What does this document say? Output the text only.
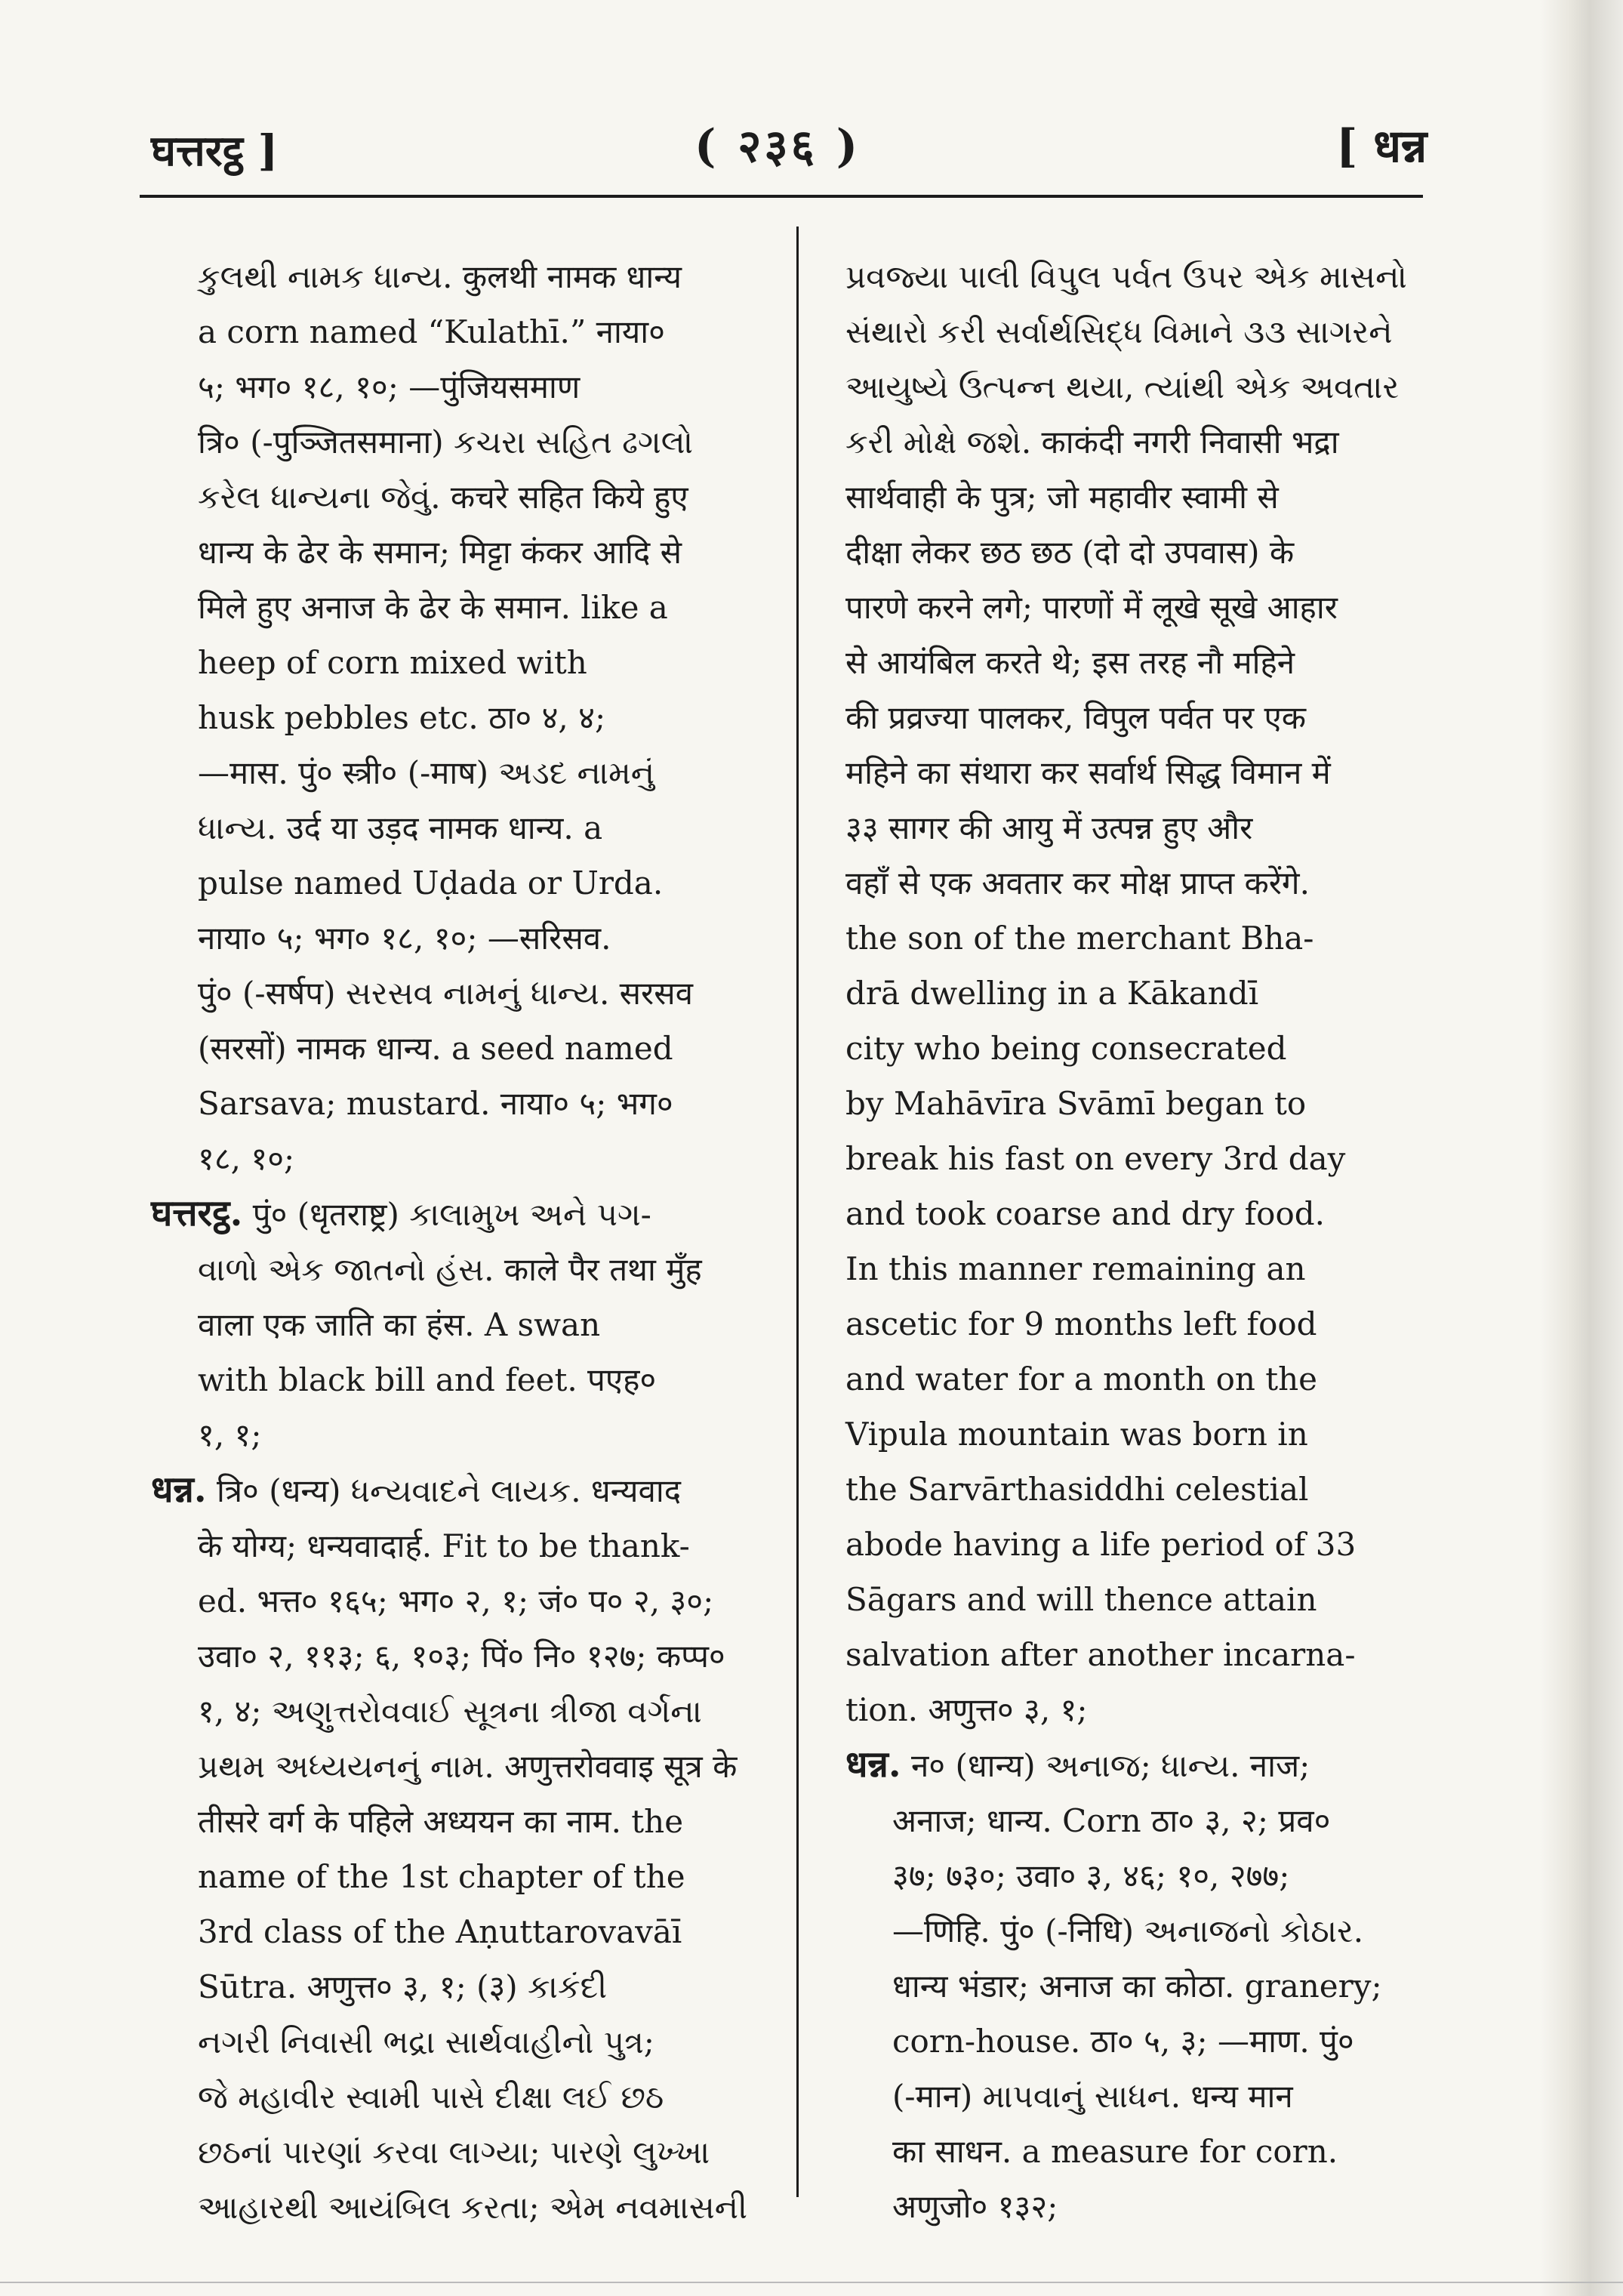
घत्तरट्ठ ]	( २३६ )	[ धन्न
કુલથી નામક ધાન્ય. कुलथी नामक धान्य
a corn named “Kulathī.” नाया०
५; भग० १८, १०; —पुंजियसमाण
त्रि० (-पुञ्जितसमाना) કચરા સહિત ઢગલો
કરેલ ધાન્યના જેવું. कचरे सहित किये हुए
धान्य के ढेर के समान; मिट्टा कंकर आदि से
मिले हुए अनाज के ढेर के समान. like a
heep of corn mixed with
husk pebbles etc. ठा० ४, ४;
—मास. पुं० स्त्री० (-माष) અડદ નામનું
ધાન્ય. उर्द या उड़द नामक धान्य. a
pulse named Uḍada or Urda.
नाया० ५; भग० १८, १०; —सरिसव.
पुं० (-सर्षप) સરસવ નામનું ધાન્ય. सरसव
(सरसों) नामक धान्य. a seed named
Sarsava; mustard. नाया० ५; भग०
१८, १०;
घत्तरट्ठ. पुं० (धृतराष्ट्र) કાલામુખ અને પગ-
વાળો એક જાતનો હંસ. काले पैर तथा मुँह
वाला एक जाति का हंस. A swan
with black bill and feet. पएह०
१, १;
धन्न. त्रि० (धन्य) ધન્યવાદને લાયક. धन्यवाद
के योग्य; धन्यवादार्ह. Fit to be thank-
ed. भत्त० १६५; भग० २, १; जं० प० २, ३०;
उवा० २, ११३; ६, १०३; पिं० नि० १२७; कप्प०
१, ४; અણુત્તરોવવાઈ સૂત્રના ત્રીજા વર્ગના
પ્રથમ અધ્યયનનું નામ. अणुत्तरोववाइ सूत्र के
तीसरे वर्ग के पहिले अध्ययन का नाम. the
name of the 1st chapter of the
3rd class of the Aṇuttarovavāī
Sūtra. अणुत्त० ३, १; (३) કાકંદી
નગરી નિવાસી ભદ્રા સાર્થવાહીનો પુત્ર;
જે મહાવીર સ્વામી પાસે દીક્ષા લઈ છઠ
છઠનાં પારણાં કરવા લાગ્યા; પારણે લુખ્ખા
આહારથી આયંબિલ કરતા; એમ નવમાસની
પ્રવજ્યા પાલી વિપુલ પર્વત ઉપર એક માસનો
સંથારો કરી સર્વાર્થસિદ્ધ વિમાને ૩૩ સાગરને
આયુષ્યે ઉત્પન્ન થયા, ત્યાંથી એક અવતાર
કરી મોક્ષે જશે. काकंदी नगरी निवासी भद्रा
सार्थवाही के पुत्र; जो महावीर स्वामी से
दीक्षा लेकर छठ छठ (दो दो उपवास) के
पारणे करने लगे; पारणों में लूखे सूखे आहार
से आयंबिल करते थे; इस तरह नौ महिने
की प्रव्रज्या पालकर, विपुल पर्वत पर एक
महिने का संथारा कर सर्वार्थ सिद्ध विमान में
३३ सागर की आयु में उत्पन्न हुए और
वहाँ से एक अवतार कर मोक्ष प्राप्त करेंगे.
the son of the merchant Bha-
drā dwelling in a Kākandī
city who being consecrated
by Mahāvīra Svāmī began to
break his fast on every 3rd day
and took coarse and dry food.
In this manner remaining an
ascetic for 9 months left food
and water for a month on the
Vipula mountain was born in
the Sarvārthasiddhi celestial
abode having a life period of 33
Sāgars and will thence attain
salvation after another incarna-
tion. अणुत्त० ३, १;
धन्न. न० (धान्य) અનાજ; ધાન્ય. नाज;
अनाज; धान्य. Corn ठा० ३, २; प्रव०
३७; ७३०; उवा० ३, ४६; १०, २७७;
—णिहि. पुं० (-निधि) અનાજનો કોઠાર.
धान्य भंडार; अनाज का कोठा. granery;
corn-house. ठा० ५, ३; —माण. पुं०
(-मान) માપવાનું સાધન. धन्य मान
का साधन. a measure for corn.
अणुजो० १३२;
